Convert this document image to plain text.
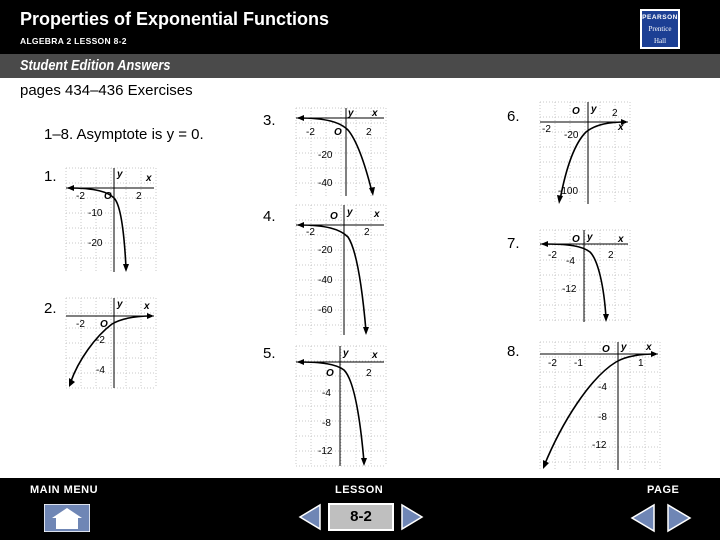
Properties of Exponential Functions
ALGEBRA 2 LESSON 8-2
PEARSON
Prentice
Hall
Student Edition Answers
pages 434–436 Exercises
1–8. Asymptote is y = 0.
1.
2.
3.
4.
5.
6.
7.
8.
-2	2
-10
-20
O
y x
-2
-2
-4
O
y x
-2	2
-20
-40
O
y x
-2	2
-20
-40
-60
O y x
2
-4
-8
-12
O
y x
-2
2
-20
-100
O y
x
-2	2
-4
-12
O y	x
-2 -1	1
-4
-8
-12
O y x
MAIN MENU	LESSON	PAGE
8-2
